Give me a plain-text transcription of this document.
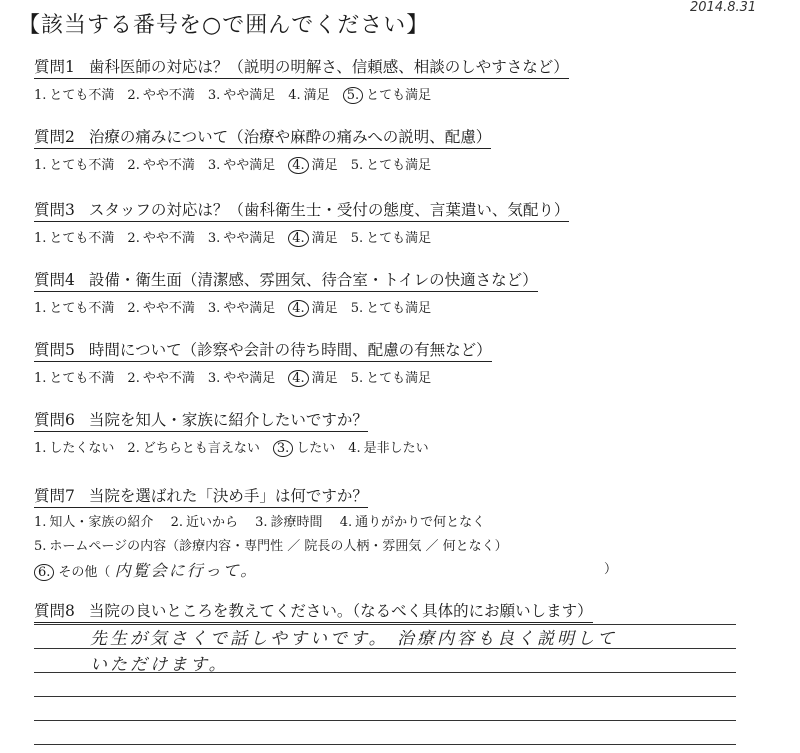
【該当する番号を○で囲んでください】
2014.8.31
質問1 歯科医師の対応は？（説明の明解さ、信頼感、相談のしやすさなど）
1. とても不満 2. やや不満 3. やや満足 4. 満足 5. とても満足
質問2 治療の痛みについて（治療や麻酔の痛みへの説明、配慮）
1. とても不満 2. やや不満 3. やや満足 4. 満足 5. とても満足
質問3 スタッフの対応は？（歯科衛生士・受付の態度、言葉遣い、気配り）
1. とても不満 2. やや不満 3. やや満足 4. 満足 5. とても満足
質問4 設備・衛生面（清潔感、雰囲気、待合室・トイレの快適さなど）
1. とても不満 2. やや不満 3. やや満足 4. 満足 5. とても満足
質問5 時間について（診察や会計の待ち時間、配慮の有無など）
1. とても不満 2. やや不満 3. やや満足 4. 満足 5. とても満足
質問6 当院を知人・家族に紹介したいですか？
1. したくない 2. どちらとも言えない 3. したい 4. 是非したい
質問7 当院を選ばれた「決め手」は何ですか？
1. 知人・家族の紹介 2. 近いから 3. 診療時間 4. 通りがかりで何となく
5. ホームページの内容（診療内容・専門性 ／ 院長の人柄・雰囲気 ／ 何となく）
6. その他（ 内覧会に行って。	）
質問8 当院の良いところを教えてください。（なるべく具体的にお願いします）
先生が気さくで話しやすいです。 治療内容も良く説明して
いただけます。
